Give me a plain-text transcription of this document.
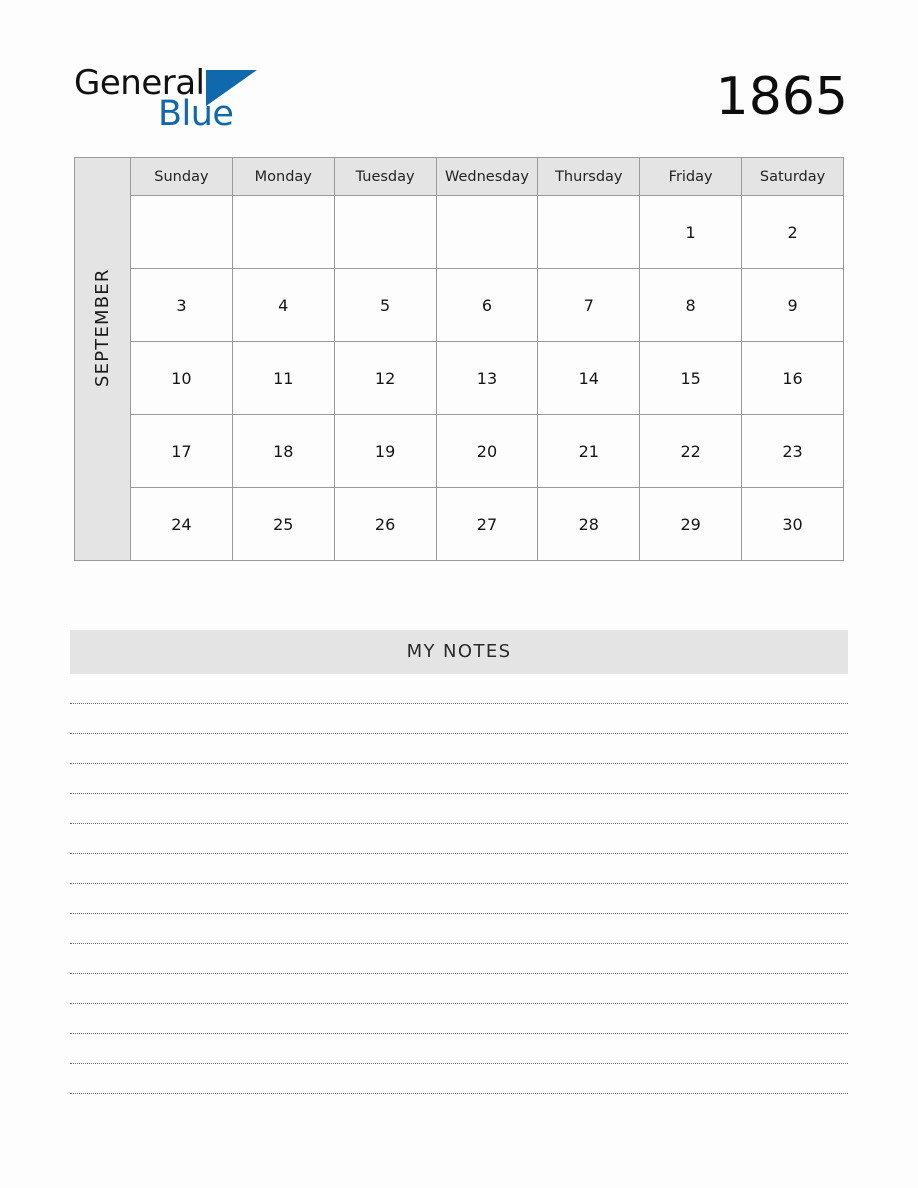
General
Blue	1865
SEPTEMBER	Sunday	Monday	Tuesday	Wednesday	Thursday	Friday	Saturday
						1	2
	3	4	5	6	7	8	9
	10	11	12	13	14	15	16
	17	18	19	20	21	22	23
	24	25	26	27	28	29	30
MY NOTES
